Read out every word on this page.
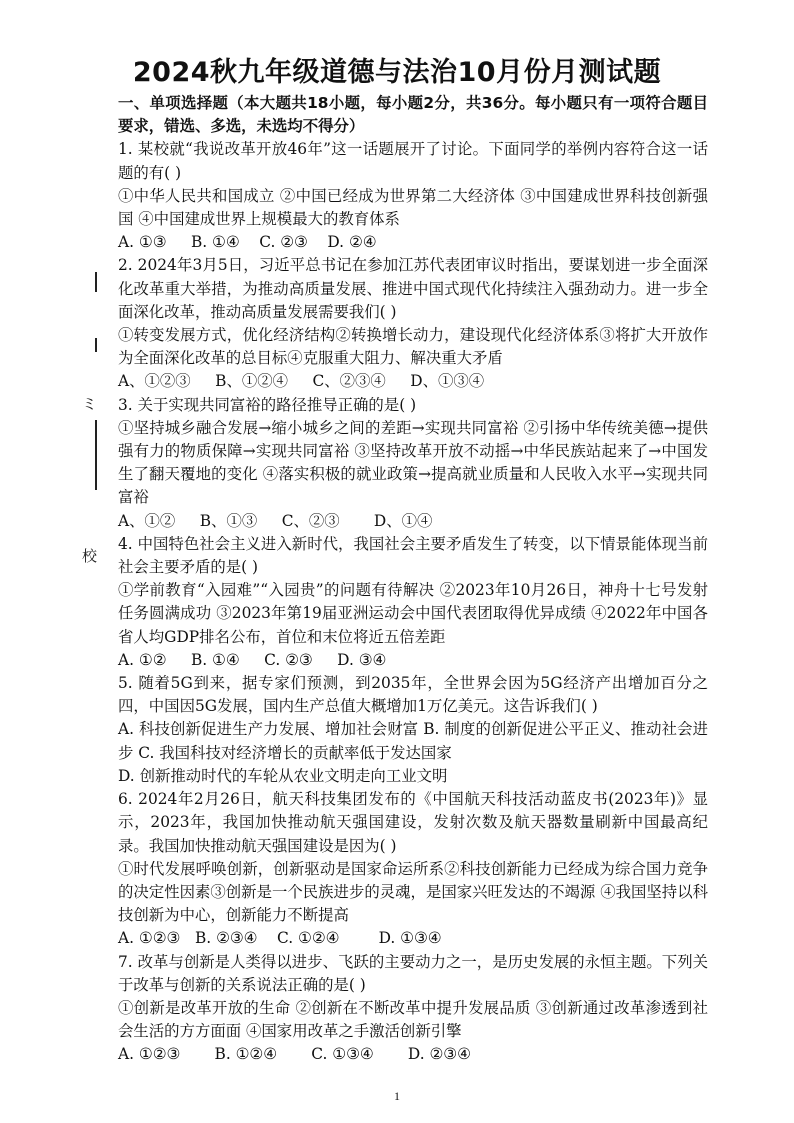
2024秋九年级道德与法治10月份月测试题
ミ
校

一、单项选择题（本大题共18小题，每小题2分，共36分。每小题只有一项符合题目要求，错选、多选，未选均不得分）

1. 某校就“我说改革开放46年”这一话题展开了讨论。下面同学的举例内容符合这一话题的有( )

①中华人民共和国成立 ②中国已经成为世界第二大经济体 ③中国建成世界科技创新强国 ④中国建成世界上规模最大的教育体系

A. ①③     B. ①④    C. ②③    D. ②④

2. 2024年3月5日，习近平总书记在参加江苏代表团审议时指出，要谋划进一步全面深化改革重大举措，为推动高质量发展、推进中国式现代化持续注入强劲动力。进一步全面深化改革，推动高质量发展需要我们( )

①转变发展方式，优化经济结构②转换增长动力，建设现代化经济体系③将扩大开放作为全面深化改革的总目标④克服重大阻力、解决重大矛盾

A、①②③     B、①②④     C、②③④     D、①③④

3. 关于实现共同富裕的路径推导正确的是( )

①坚持城乡融合发展→缩小城乡之间的差距→实现共同富裕 ②引扬中华传统美德→提供强有力的物质保障→实现共同富裕 ③坚持改革开放不动摇→中华民族站起来了→中国发生了翻天覆地的变化 ④落实积极的就业政策→提高就业质量和人民收入水平→实现共同富裕

A、①②     B、①③     C、②③       D、①④

4. 中国特色社会主义进入新时代，我国社会主要矛盾发生了转变，以下情景能体现当前社会主要矛盾的是( )

①学前教育“入园难”“入园贵”的问题有待解决 ②2023年10月26日，神舟十七号发射任务圆满成功 ③2023年第19届亚洲运动会中国代表团取得优异成绩 ④2022年中国各省人均GDP排名公布，首位和末位将近五倍差距

A. ①②     B. ①④     C. ②③     D. ③④

5. 随着5G到来，据专家们预测，到2035年，全世界会因为5G经济产出增加百分之四，中国因5G发展，国内生产总值大概增加1万亿美元。这告诉我们( )

A. 科技创新促进生产力发展、增加社会财富 B. 制度的创新促进公平正义、推动社会进步 C. 我国科技对经济增长的贡献率低于发达国家

D. 创新推动时代的车轮从农业文明走向工业文明

6. 2024年2月26日，航天科技集团发布的《中国航天科技活动蓝皮书(2023年)》显示，2023年，我国加快推动航天强国建设，发射次数及航天器数量刷新中国最高纪录。我国加快推动航天强国建设是因为( )

①时代发展呼唤创新，创新驱动是国家命运所系②科技创新能力已经成为综合国力竞争的决定性因素③创新是一个民族进步的灵魂，是国家兴旺发达的不竭源 ④我国坚持以科技创新为中心，创新能力不断提高

A. ①②③   B. ②③④    C. ①②④        D. ①③④

7. 改革与创新是人类得以进步、飞跃的主要动力之一，是历史发展的永恒主题。下列关于改革与创新的关系说法正确的是( )

①创新是改革开放的生命 ②创新在不断改革中提升发展品质 ③创新通过改革渗透到社会生活的方方面面 ④国家用改革之手激活创新引擎

A. ①②③       B. ①②④       C. ①③④       D. ②③④

1
